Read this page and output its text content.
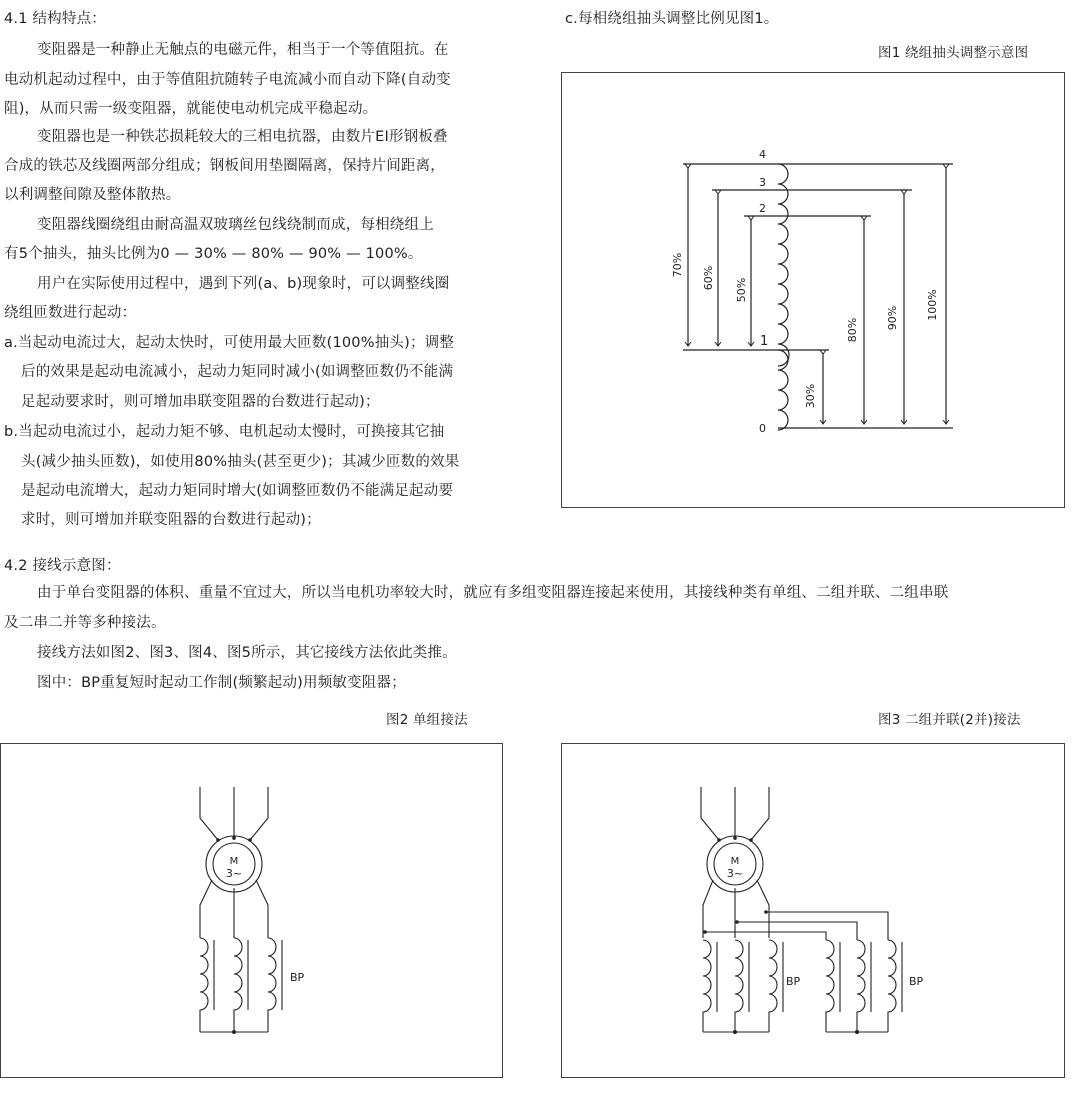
4.1 结构特点：
变阻器是一种静止无触点的电磁元件，相当于一个等值阻抗。在
电动机起动过程中，由于等值阻抗随转子电流减小而自动下降(自动变
阻)，从而只需一级变阻器，就能使电动机完成平稳起动。
变阻器也是一种铁芯损耗较大的三相电抗器，由数片EI形钢板叠
合成的铁芯及线圈两部分组成；钢板间用垫圈隔离，保持片间距离，
以利调整间隙及整体散热。
变阻器线圈绕组由耐高温双玻璃丝包线绕制而成，每相绕组上
有5个抽头，抽头比例为0 — 30% — 80% — 90% — 100%。
用户在实际使用过程中，遇到下列(a、b)现象时，可以调整线圈
绕组匝数进行起动：
a.当起动电流过大，起动太快时，可使用最大匝数(100%抽头)；调整
后的效果是起动电流减小，起动力矩同时减小(如调整匝数仍不能满
足起动要求时，则可增加串联变阻器的台数进行起动)；
b.当起动电流过小，起动力矩不够、电机起动太慢时，可换接其它抽
头(减少抽头匝数)，如使用80%抽头(甚至更少)；其减少匝数的效果
是起动电流增大，起动力矩同时增大(如调整匝数仍不能满足起动要
求时，则可增加并联变阻器的台数进行起动)；
c.每相绕组抽头调整比例见图1。
图1 绕组抽头调整示意图
4.2 接线示意图：
由于单台变阻器的体积、重量不宜过大，所以当电机功率较大时，就应有多组变阻器连接起来使用，其接线种类有单组、二组并联、二组串联
及二串二并等多种接法。
接线方法如图2、图3、图4、图5所示，其它接线方法依此类推。
图中：BP重复短时起动工作制(频繁起动)用频敏变阻器；
图2 单组接法	图3 二组并联(2并)接法
4
3
2
1
0
70%
60% 50%
30%
80% 90% 100%
M
3~
BP
M
3~
BP	BP
